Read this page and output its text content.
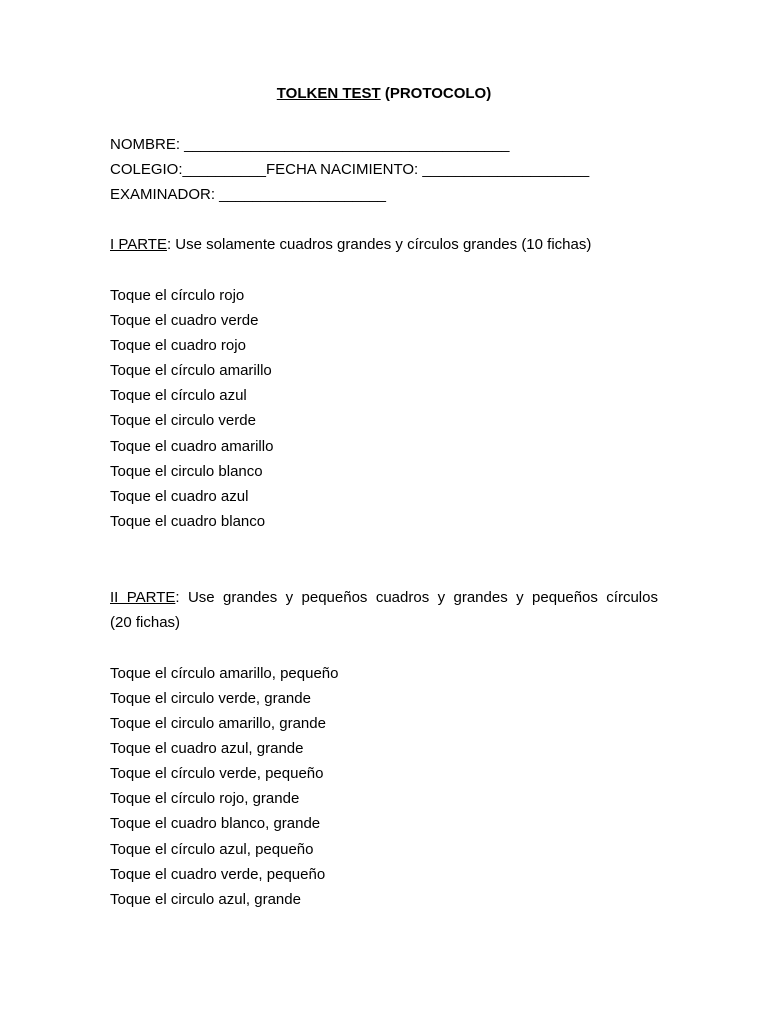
TOLKEN TEST (PROTOCOLO)
NOMBRE: _______________________________________
COLEGIO:__________FECHA NACIMIENTO: ____________________
EXAMINADOR: ____________________
I PARTE: Use solamente cuadros grandes y círculos grandes (10 fichas)
Toque el círculo rojo
Toque el cuadro verde
Toque el cuadro rojo
Toque el círculo amarillo
Toque el círculo azul
Toque el circulo verde
Toque el cuadro amarillo
Toque el circulo blanco
Toque el cuadro azul
Toque el cuadro blanco
II PARTE: Use grandes y pequeños cuadros y grandes y pequeños círculos
(20 fichas)
Toque el círculo amarillo, pequeño
Toque el circulo verde, grande
Toque el circulo amarillo, grande
Toque el cuadro azul, grande
Toque el círculo verde, pequeño
Toque el círculo rojo, grande
Toque el cuadro blanco, grande
Toque el círculo azul, pequeño
Toque el cuadro verde, pequeño
Toque el circulo azul, grande
